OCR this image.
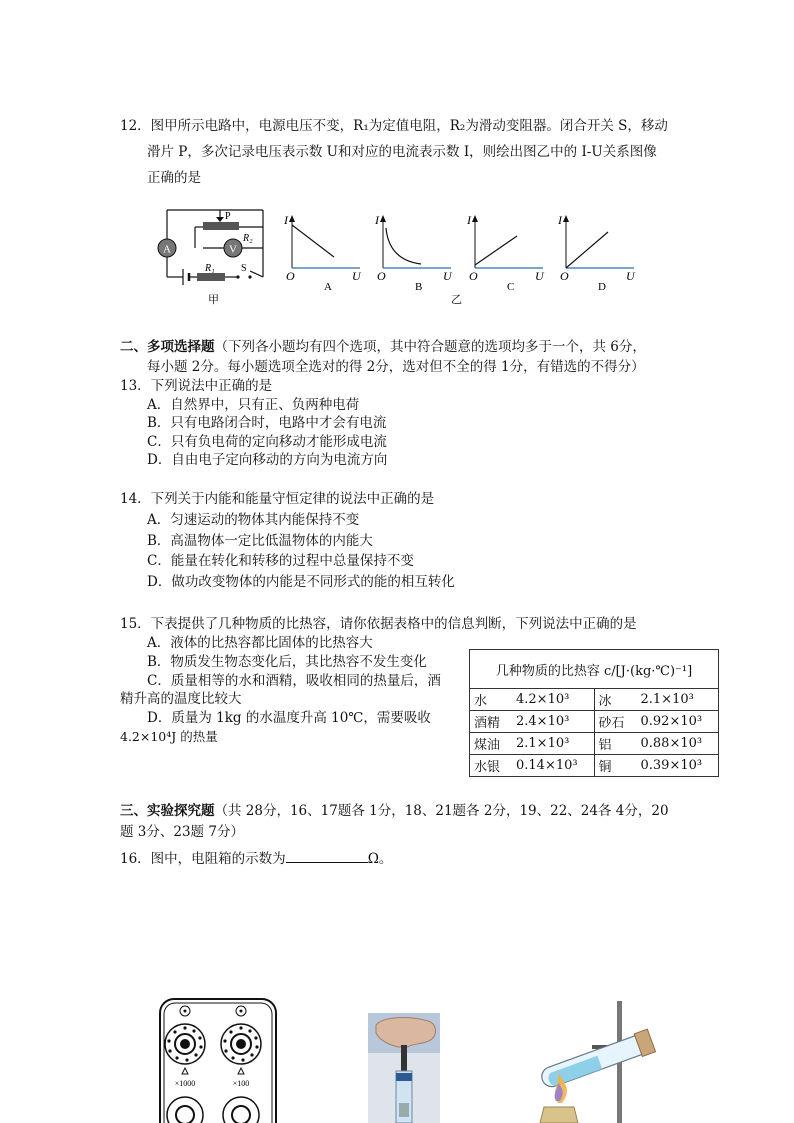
12．图甲所示电路中，电源电压不变，R₁为定值电阻，R₂为滑动变阻器。闭合开关 S，移动
滑片 P，多次记录电压表示数 U和对应的电流表示数 I，则绘出图乙中的 I-U关系图像
正确的是
A	V
P
R₂
R₁	S
甲
I
O	U
A
I
O	U
B
I
O	U
C
I
O	U
D
乙
二、多项选择题（下列各小题均有四个选项，其中符合题意的选项均多于一个，共 6分，
每小题 2分。每小题选项全选对的得 2分，选对但不全的得 1分，有错选的不得分）
13．下列说法中正确的是
A．自然界中，只有正、负两种电荷
B．只有电路闭合时，电路中才会有电流
C．只有负电荷的定向移动才能形成电流
D．自由电子定向移动的方向为电流方向
14．下列关于内能和能量守恒定律的说法中正确的是
A．匀速运动的物体其内能保持不变
B．高温物体一定比低温物体的内能大
C．能量在转化和转移的过程中总量保持不变
D．做功改变物体的内能是不同形式的能的相互转化
15．下表提供了几种物质的比热容，请你依据表格中的信息判断，下列说法中正确的是
A．液体的比热容都比固体的比热容大
B．物质发生物态变化后，其比热容不发生变化
C．质量相等的水和酒精，吸收相同的热量后，酒
精升高的温度比较大
D．质量为 1kg 的水温度升高 10℃，需要吸收
4.2×10⁴J 的热量
几种物质的比热容 c/[J·(kg·℃)⁻¹]			
水	4.2×10³	冰	2.1×10³
酒精	2.4×10³	砂石	0.92×10³
煤油	2.1×10³	铝	0.88×10³
水银	0.14×10³	铜	0.39×10³
三、实验探究题（共 28分，16、17题各 1分，18、21题各 2分，19、22、24各 4分，20
题 3分、23题 7分）
16．图中，电阻箱的示数为	Ω。
×1000	×100
